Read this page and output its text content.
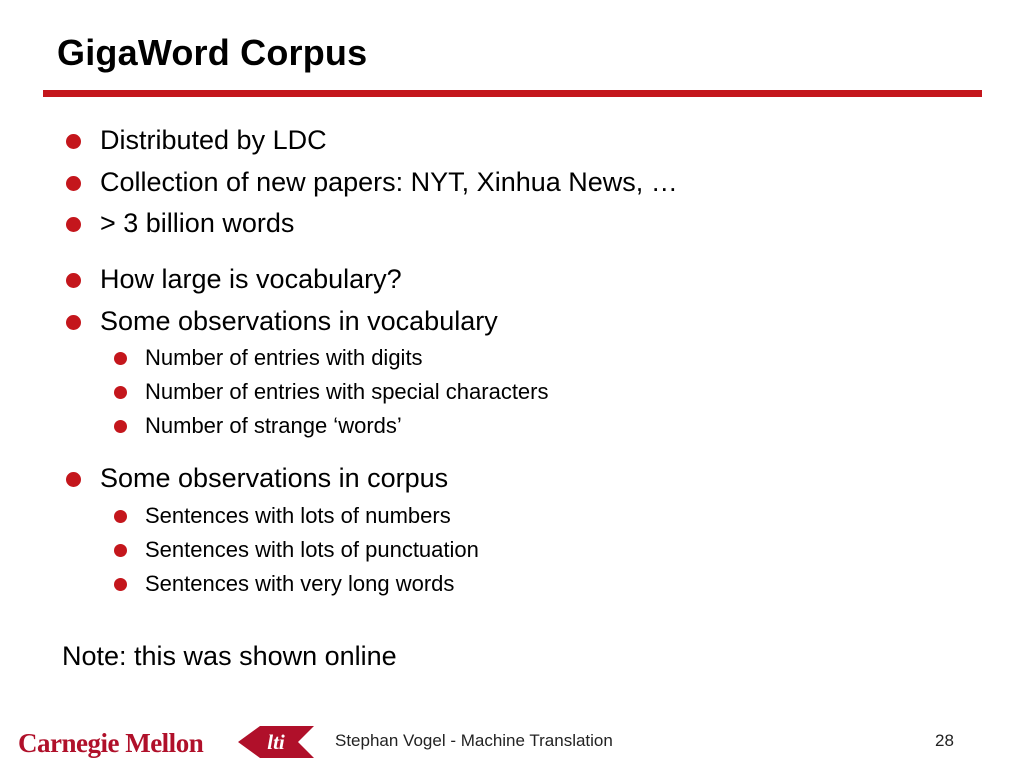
GigaWord Corpus
Distributed by LDC
Collection of new papers: NYT, Xinhua News, …
> 3 billion words
How large is vocabulary?
Some observations in vocabulary
Number of entries with digits
Number of entries with special characters
Number of strange ‘words’
Some observations in corpus
Sentences with lots of numbers
Sentences with lots of punctuation
Sentences with very long words
Note: this was shown online
Carnegie Mellon	lti	Stephan Vogel - Machine Translation	28
